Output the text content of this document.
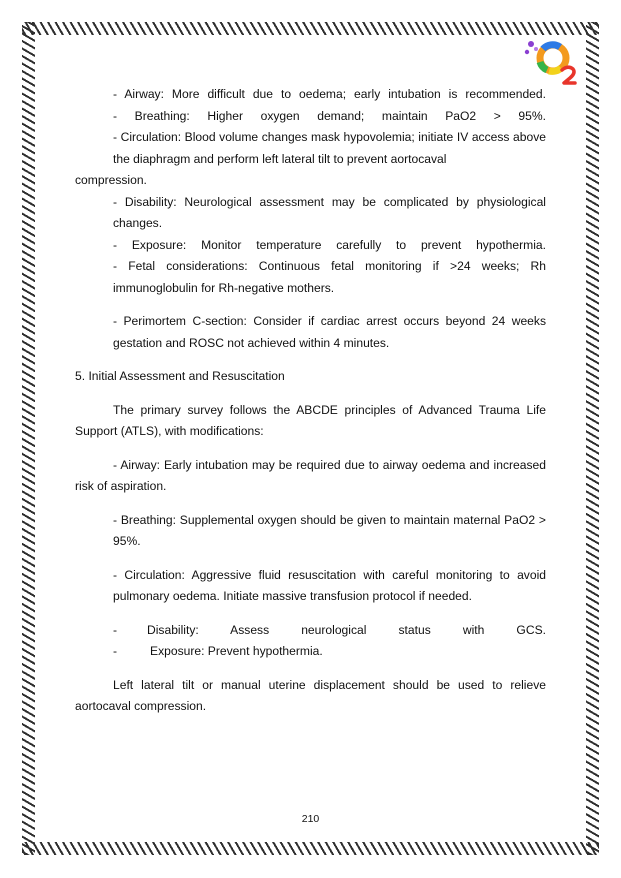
- Airway: More difficult due to oedema; early intubation is recommended.

- Breathing: Higher oxygen demand; maintain PaO2 > 95%.

- Circulation: Blood volume changes mask hypovolemia; initiate IV access above the diaphragm and perform left lateral tilt to prevent aortocaval

compression.

- Disability: Neurological assessment may be complicated by physiological changes.

- Exposure: Monitor temperature carefully to prevent hypothermia.

- Fetal considerations: Continuous fetal monitoring if >24 weeks; Rh immunoglobulin for Rh-negative mothers.

- Perimortem C-section: Consider if cardiac arrest occurs beyond 24 weeks gestation and ROSC not achieved within 4 minutes.

5. Initial Assessment and Resuscitation

The primary survey follows the ABCDE principles of Advanced Trauma Life Support (ATLS), with modifications:

- Airway: Early intubation may be required due to airway oedema and increased risk of aspiration.

- Breathing: Supplemental oxygen should be given to maintain maternal PaO2 > 95%.

- Circulation: Aggressive fluid resuscitation with careful monitoring to avoid pulmonary oedema. Initiate massive transfusion protocol if needed.

-	Disability: Assess neurological status with GCS.

-	Exposure: Prevent hypothermia.

Left lateral tilt or manual uterine displacement should be used to relieve aortocaval compression.

210
